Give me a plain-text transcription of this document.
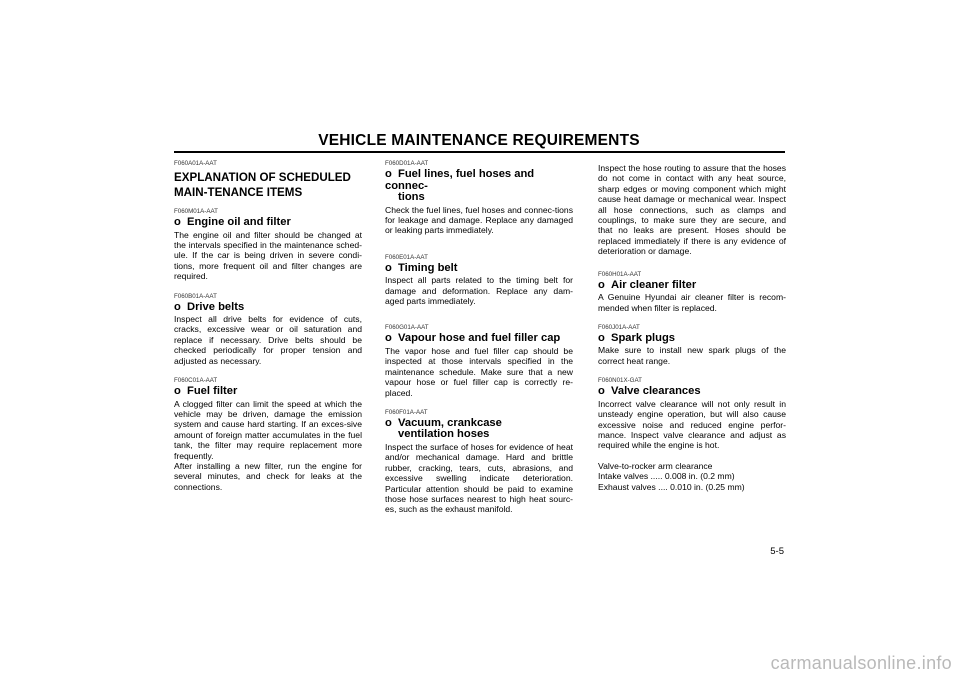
VEHICLE MAINTENANCE REQUIREMENTS
F060A01A-AAT
EXPLANATION OF SCHEDULED MAIN-TENANCE ITEMS
F060M01A-AAT
o Engine oil and filter

The engine oil and filter should be changed at the intervals specified in the maintenance sched-ule. If the car is being driven in severe condi-tions, more frequent oil and filter changes are required.

F060B01A-AAT
o Drive belts

Inspect all drive belts for evidence of cuts, cracks, excessive wear or oil saturation and replace if necessary. Drive belts should be checked periodically for proper tension and adjusted as necessary.

F060C01A-AAT
o Fuel filter

A clogged filter can limit the speed at which the vehicle may be driven, damage the emission system and cause hard starting. If an exces-sive amount of foreign matter accumulates in the fuel tank, the filter may require replacement more frequently.

After installing a new filter, run the engine for several minutes, and check for leaks at the connections.

F060D01A-AAT
o Fuel lines, fuel hoses and connec-
tions

Check the fuel lines, fuel hoses and connec-tions for leakage and damage. Replace any damaged or leaking parts immediately.

F060E01A-AAT
o Timing belt

Inspect all parts related to the timing belt for damage and deformation. Replace any dam-aged parts immediately.

F060G01A-AAT
o Vapour hose and fuel filler cap

The vapor hose and fuel filler cap should be inspected at those intervals specified in the maintenance schedule. Make sure that a new vapour hose or fuel filler cap is correctly re-placed.

F060F01A-AAT
o Vacuum, crankcase
ventilation hoses

Inspect the surface of hoses for evidence of heat and/or mechanical damage. Hard and brittle rubber, cracking, tears, cuts, abrasions, and excessive swelling indicate deterioration. Particular attention should be paid to examine those hose surfaces nearest to high heat sourc-es, such as the exhaust manifold.

Inspect the hose routing to assure that the hoses do not come in contact with any heat source, sharp edges or moving component which might cause heat damage or mechanical wear. Inspect all hose connections, such as clamps and couplings, to make sure they are secure, and that no leaks are present. Hoses should be replaced immediately if there is any evidence of deterioration or damage.

F060H01A-AAT
o Air cleaner filter

A Genuine Hyundai air cleaner filter is recom-mended when filter is replaced.

F060J01A-AAT
o Spark plugs

Make sure to install new spark plugs of the correct heat range.

F060N01X-GAT
o Valve clearances

Incorrect valve clearance will not only result in unsteady engine operation, but will also cause excessive noise and reduced engine perfor-mance. Inspect valve clearance and adjust as required while the engine is hot.

Valve-to-rocker arm clearance
Intake valves ..... 0.008 in. (0.2 mm)
Exhaust valves .... 0.010 in. (0.25 mm)
5-5
carmanualsonline.info
